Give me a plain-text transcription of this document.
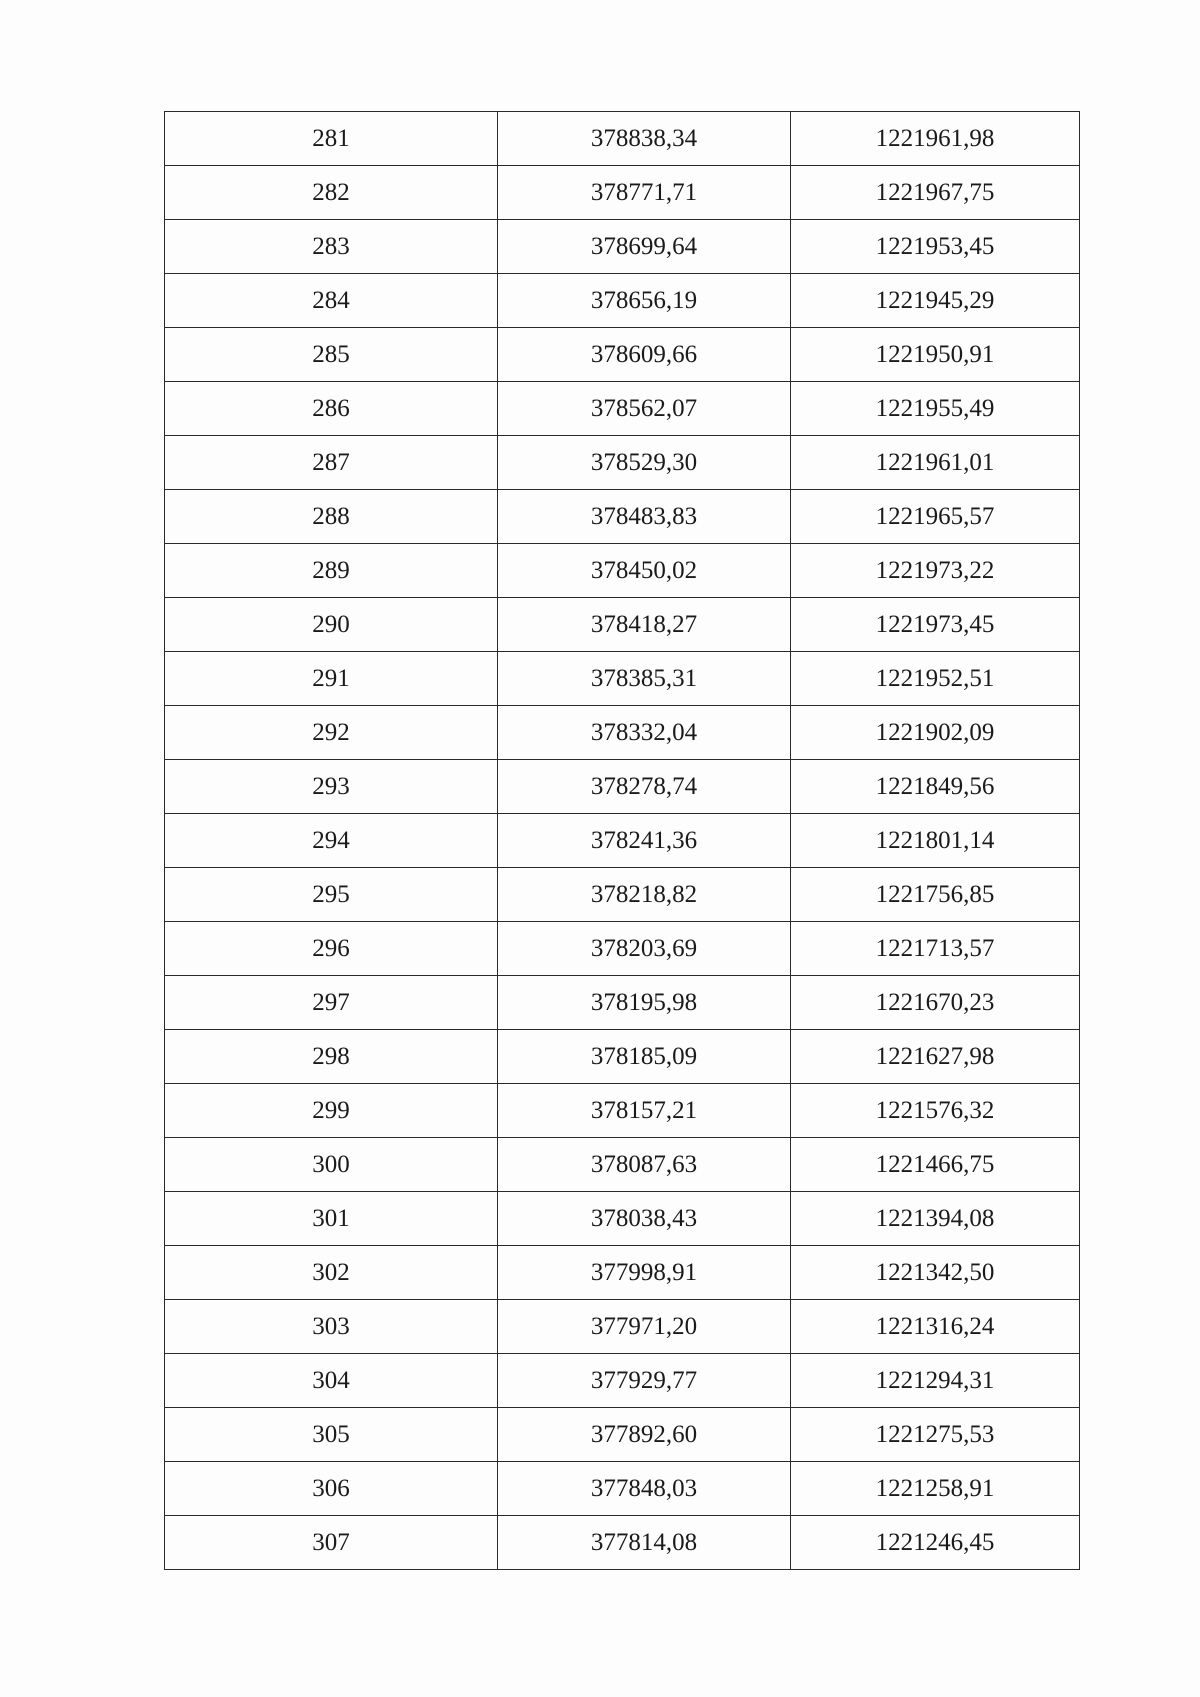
281	378838,34	1221961,98
282	378771,71	1221967,75
283	378699,64	1221953,45
284	378656,19	1221945,29
285	378609,66	1221950,91
286	378562,07	1221955,49
287	378529,30	1221961,01
288	378483,83	1221965,57
289	378450,02	1221973,22
290	378418,27	1221973,45
291	378385,31	1221952,51
292	378332,04	1221902,09
293	378278,74	1221849,56
294	378241,36	1221801,14
295	378218,82	1221756,85
296	378203,69	1221713,57
297	378195,98	1221670,23
298	378185,09	1221627,98
299	378157,21	1221576,32
300	378087,63	1221466,75
301	378038,43	1221394,08
302	377998,91	1221342,50
303	377971,20	1221316,24
304	377929,77	1221294,31
305	377892,60	1221275,53
306	377848,03	1221258,91
307	377814,08	1221246,45
